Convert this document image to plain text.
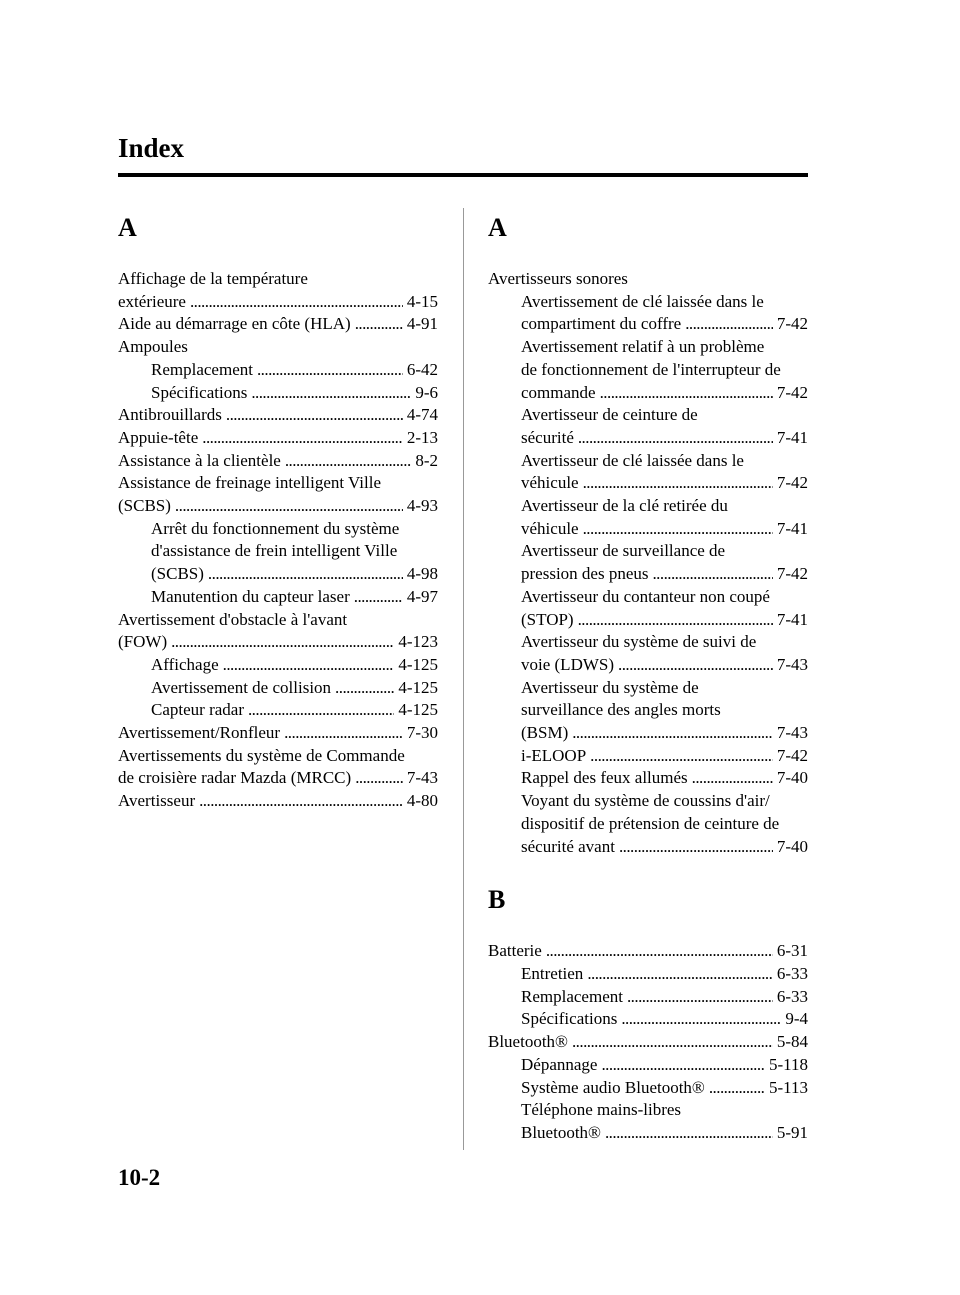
Index
A
Affichage de la température
extérieure . . .	4-15
Aide au démarrage en côte (HLA) . . .	4-91
Ampoules
Remplacement . . .	6-42
Spécifications . . .	9-6
Antibrouillards . . .	4-74
Appuie-tête . . .	2-13
Assistance à la clientèle . . .	8-2
Assistance de freinage intelligent Ville
(SCBS) . . .	4-93
Arrêt du fonctionnement du système
d'assistance de frein intelligent Ville
(SCBS) . . .	4-98
Manutention du capteur laser . . .	4-97
Avertissement d'obstacle à l'avant
(FOW) . . .	4-123
Affichage . . .	4-125
Avertissement de collision . . .	4-125
Capteur radar . . .	4-125
Avertissement/Ronfleur . . .	7-30
Avertissements du système de Commande
de croisière radar Mazda (MRCC) . . .	7-43
Avertisseur . . .	4-80
A
Avertisseurs sonores
Avertissement de clé laissée dans le
compartiment du coffre . . .	7-42
Avertissement relatif à un problème
de fonctionnement de l'interrupteur de
commande . . .	7-42
Avertisseur de ceinture de
sécurité . . .	7-41
Avertisseur de clé laissée dans le
véhicule . . .	7-42
Avertisseur de la clé retirée du
véhicule . . .	7-41
Avertisseur de surveillance de
pression des pneus . . .	7-42
Avertisseur du contanteur non coupé
(STOP) . . .	7-41
Avertisseur du système de suivi de
voie (LDWS) . . .	7-43
Avertisseur du système de
surveillance des angles morts
(BSM) . . .	7-43
i-ELOOP . . .	7-42
Rappel des feux allumés . . .	7-40
Voyant du système de coussins d'air/
dispositif de prétension de ceinture de
sécurité avant . . .	7-40
B
Batterie . . .	6-31
Entretien . . .	6-33
Remplacement . . .	6-33
Spécifications . . .	9-4
Bluetooth® . . .	5-84
Dépannage . . .	5-118
Système audio Bluetooth® . . .	5-113
Téléphone mains-libres
Bluetooth® . . .	5-91
10-2
